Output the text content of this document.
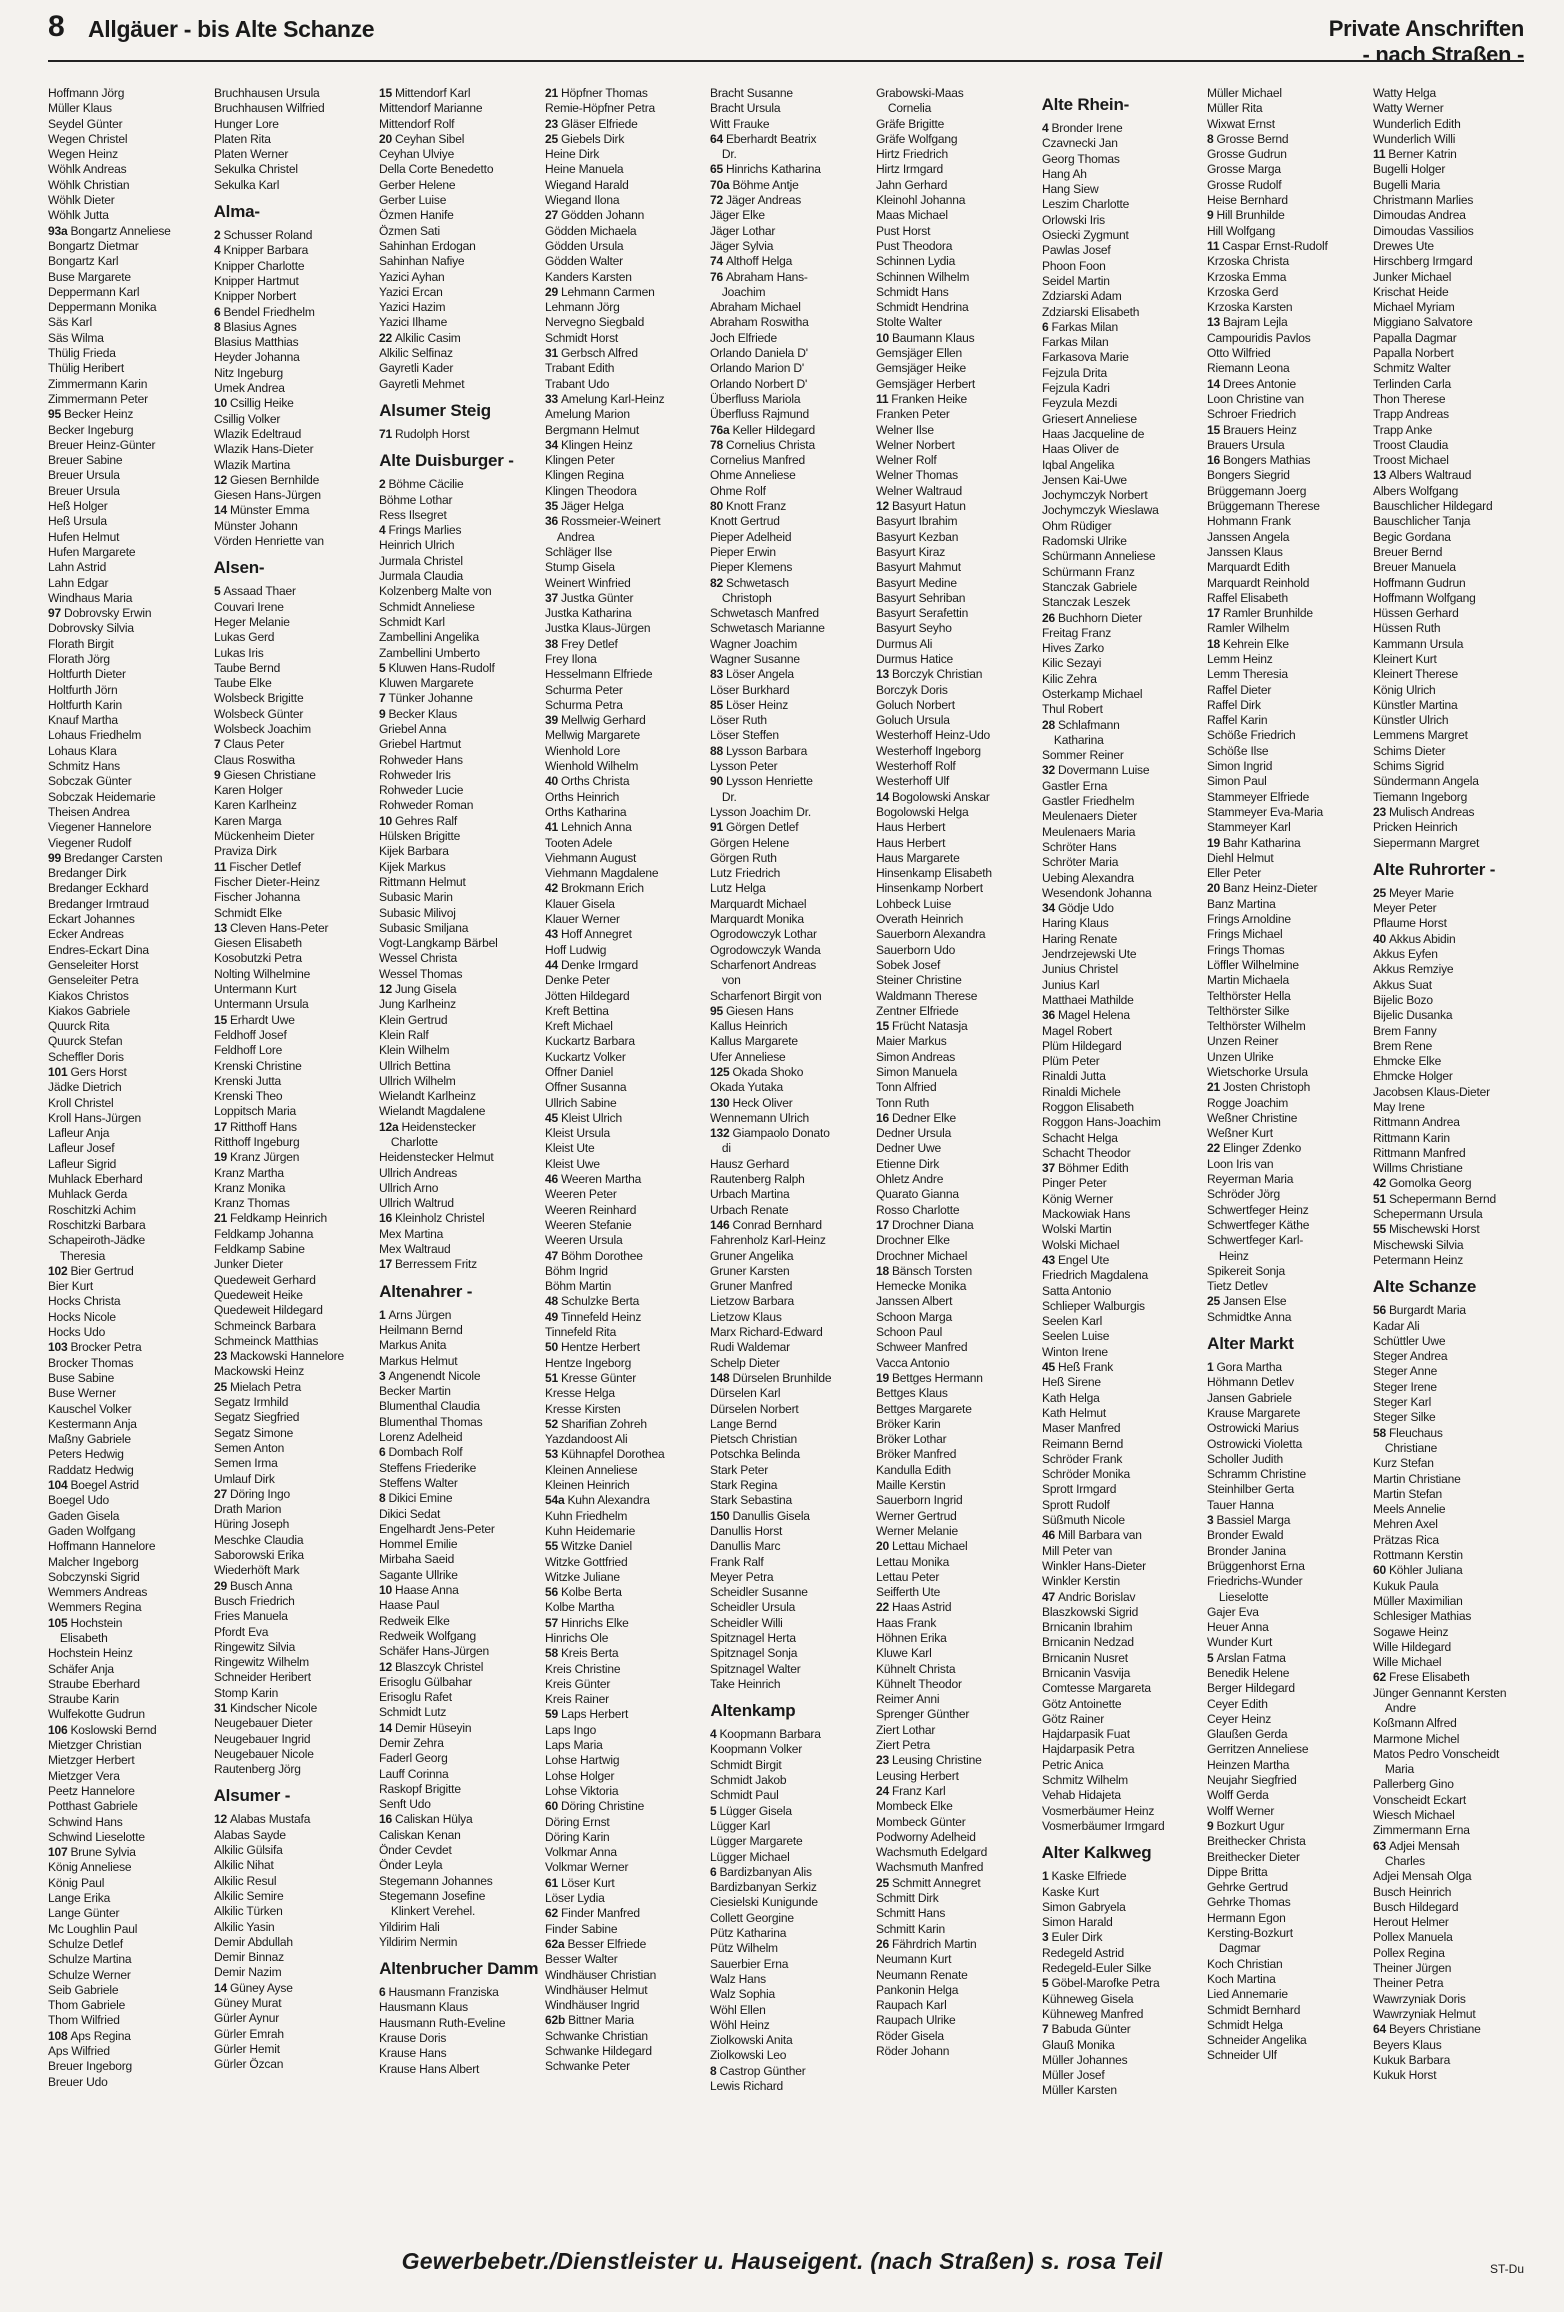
8 Allgäuer - bis Alte Schanze	Private Anschriften
- nach Straßen -
Hoffmann Jörg
Müller Klaus
Seydel Günter
Wegen Christel
Wegen Heinz
Wöhlk Andreas
Wöhlk Christian
Wöhlk Dieter
Wöhlk Jutta
93a Bongartz Anneliese
Bongartz Dietmar
Bongartz Karl
Buse Margarete
Deppermann Karl
Deppermann Monika
Säs Karl
Säs Wilma
Thülig Frieda
Thülig Heribert
Zimmermann Karin
Zimmermann Peter
95 Becker Heinz
Becker Ingeburg
Breuer Heinz-Günter
Breuer Sabine
Breuer Ursula
Breuer Ursula
Heß Holger
Heß Ursula
Hufen Helmut
Hufen Margarete
Lahn Astrid
Lahn Edgar
Windhaus Maria
97 Dobrovsky Erwin
Dobrovsky Silvia
Florath Birgit
Florath Jörg
Holtfurth Dieter
Holtfurth Jörn
Holtfurth Karin
Knauf Martha
Lohaus Friedhelm
Lohaus Klara
Schmitz Hans
Sobczak Günter
Sobczak Heidemarie
Theisen Andrea
Viegener Hannelore
Viegener Rudolf
99 Bredanger Carsten
Bredanger Dirk
Bredanger Eckhard
Bredanger Irmtraud
Eckart Johannes
Ecker Andreas
Endres-Eckart Dina
Genseleiter Horst
Genseleiter Petra
Kiakos Christos
Kiakos Gabriele
Quurck Rita
Quurck Stefan
Scheffler Doris
101 Gers Horst
Jädke Dietrich
Kroll Christel
Kroll Hans-Jürgen
Lafleur Anja
Lafleur Josef
Lafleur Sigrid
Muhlack Eberhard
Muhlack Gerda
Roschitzki Achim
Roschitzki Barbara
Schapeiroth-Jädke
Theresia
102 Bier Gertrud
Bier Kurt
Hocks Christa
Hocks Nicole
Hocks Udo
103 Brocker Petra
Brocker Thomas
Buse Sabine
Buse Werner
Kauschel Volker
Kestermann Anja
Maßny Gabriele
Peters Hedwig
Raddatz Hedwig
104 Boegel Astrid
Boegel Udo
Gaden Gisela
Gaden Wolfgang
Hoffmann Hannelore
Malcher Ingeborg
Sobczynski Sigrid
Wemmers Andreas
Wemmers Regina
105 Hochstein
Elisabeth
Hochstein Heinz
Schäfer Anja
Straube Eberhard
Straube Karin
Wulfekotte Gudrun
106 Koslowski Bernd
Mietzger Christian
Mietzger Herbert
Mietzger Vera
Peetz Hannelore
Potthast Gabriele
Schwind Hans
Schwind Lieselotte
107 Brune Sylvia
König Anneliese
König Paul
Lange Erika
Lange Günter
Mc Loughlin Paul
Schulze Detlef
Schulze Martina
Schulze Werner
Seib Gabriele
Thom Gabriele
Thom Wilfried
108 Aps Regina
Aps Wilfried
Breuer Ingeborg
Breuer Udo
Bruchhausen Ursula
Bruchhausen Wilfried
Hunger Lore
Platen Rita
Platen Werner
Sekulka Christel
Sekulka Karl
Alma-
2 Schusser Roland
4 Knipper Barbara
Knipper Charlotte
Knipper Hartmut
Knipper Norbert
6 Bendel Friedhelm
8 Blasius Agnes
Blasius Matthias
Heyder Johanna
Nitz Ingeburg
Umek Andrea
10 Csillig Heike
Csillig Volker
Wlazik Edeltraud
Wlazik Hans-Dieter
Wlazik Martina
12 Giesen Bernhilde
Giesen Hans-Jürgen
14 Münster Emma
Münster Johann
Vörden Henriette van
Alsen-
5 Assaad Thaer
Couvari Irene
Heger Melanie
Lukas Gerd
Lukas Iris
Taube Bernd
Taube Elke
Wolsbeck Brigitte
Wolsbeck Günter
Wolsbeck Joachim
7 Claus Peter
Claus Roswitha
9 Giesen Christiane
Karen Holger
Karen Karlheinz
Karen Marga
Mückenheim Dieter
Praviza Dirk
11 Fischer Detlef
Fischer Dieter-Heinz
Fischer Johanna
Schmidt Elke
13 Cleven Hans-Peter
Giesen Elisabeth
Kosobutzki Petra
Nolting Wilhelmine
Untermann Kurt
Untermann Ursula
15 Erhardt Uwe
Feldhoff Josef
Feldhoff Lore
Krenski Christine
Krenski Jutta
Krenski Theo
Loppitsch Maria
17 Ritthoff Hans
Ritthoff Ingeburg
19 Kranz Jürgen
Kranz Martha
Kranz Monika
Kranz Thomas
21 Feldkamp Heinrich
Feldkamp Johanna
Feldkamp Sabine
Junker Dieter
Quedeweit Gerhard
Quedeweit Heike
Quedeweit Hildegard
Schmeinck Barbara
Schmeinck Matthias
23 Mackowski Hannelore
Mackowski Heinz
25 Mielach Petra
Segatz Irmhild
Segatz Siegfried
Segatz Simone
Semen Anton
Semen Irma
Umlauf Dirk
27 Döring Ingo
Drath Marion
Hüring Joseph
Meschke Claudia
Saborowski Erika
Wiederhöft Mark
29 Busch Anna
Busch Friedrich
Fries Manuela
Pfordt Eva
Ringewitz Silvia
Ringewitz Wilhelm
Schneider Heribert
Stomp Karin
31 Kindscher Nicole
Neugebauer Dieter
Neugebauer Ingrid
Neugebauer Nicole
Rautenberg Jörg
Alsumer -
12 Alabas Mustafa
Alabas Sayde
Alkilic Gülsifa
Alkilic Nihat
Alkilic Resul
Alkilic Semire
Alkilic Türken
Alkilic Yasin
Demir Abdullah
Demir Binnaz
Demir Nazim
14 Güney Ayse
Güney Murat
Gürler Aynur
Gürler Emrah
Gürler Hemit
Gürler Özcan
15 Mittendorf Karl
Mittendorf Marianne
Mittendorf Rolf
20 Ceyhan Sibel
Ceyhan Ulviye
Della Corte Benedetto
Gerber Helene
Gerber Luise
Özmen Hanife
Özmen Sati
Sahinhan Erdogan
Sahinhan Nafiye
Yazici Ayhan
Yazici Ercan
Yazici Hazim
Yazici Ilhame
22 Alkilic Casim
Alkilic Selfinaz
Gayretli Kader
Gayretli Mehmet
Alsumer Steig
71 Rudolph Horst
Alte Duisburger -
2 Böhme Cäcilie
Böhme Lothar
Ress Ilsegret
4 Frings Marlies
Heinrich Ulrich
Jurmala Christel
Jurmala Claudia
Kolzenberg Malte von
Schmidt Anneliese
Schmidt Karl
Zambellini Angelika
Zambellini Umberto
5 Kluwen Hans-Rudolf
Kluwen Margarete
7 Tünker Johanne
9 Becker Klaus
Griebel Anna
Griebel Hartmut
Rohweder Hans
Rohweder Iris
Rohweder Lucie
Rohweder Roman
10 Gehres Ralf
Hülsken Brigitte
Kijek Barbara
Kijek Markus
Rittmann Helmut
Subasic Marin
Subasic Milivoj
Subasic Smiljana
Vogt-Langkamp Bärbel
Wessel Christa
Wessel Thomas
12 Jung Gisela
Jung Karlheinz
Klein Gertrud
Klein Ralf
Klein Wilhelm
Ullrich Bettina
Ullrich Wilhelm
Wielandt Karlheinz
Wielandt Magdalene
12a Heidenstecker
Charlotte
Heidenstecker Helmut
Ullrich Andreas
Ullrich Arno
Ullrich Waltrud
16 Kleinholz Christel
Mex Martina
Mex Waltraud
17 Berressem Fritz
Altenahrer -
1 Arns Jürgen
Heilmann Bernd
Markus Anita
Markus Helmut
3 Angenendt Nicole
Becker Martin
Blumenthal Claudia
Blumenthal Thomas
Lorenz Adelheid
6 Dombach Rolf
Steffens Friederike
Steffens Walter
8 Dikici Emine
Dikici Sedat
Engelhardt Jens-Peter
Hommel Emilie
Mirbaha Saeid
Sagante Ullrike
10 Haase Anna
Haase Paul
Redweik Elke
Redweik Wolfgang
Schäfer Hans-Jürgen
12 Blaszcyk Christel
Erisoglu Gülbahar
Erisoglu Rafet
Schmidt Lutz
14 Demir Hüseyin
Demir Zehra
Faderl Georg
Lauff Corinna
Raskopf Brigitte
Senft Udo
16 Caliskan Hülya
Caliskan Kenan
Önder Cevdet
Önder Leyla
Stegemann Johannes
Stegemann Josefine
Klinkert Verehel.
Yildirim Hali
Yildirim Nermin
Altenbrucher Damm
6 Hausmann Franziska
Hausmann Klaus
Hausmann Ruth-Eveline
Krause Doris
Krause Hans
Krause Hans Albert
21 Höpfner Thomas
Remie-Höpfner Petra
23 Gläser Elfriede
25 Giebels Dirk
Heine Dirk
Heine Manuela
Wiegand Harald
Wiegand Ilona
27 Gödden Johann
Gödden Michaela
Gödden Ursula
Gödden Walter
Kanders Karsten
29 Lehmann Carmen
Lehmann Jörg
Nervegno Siegbald
Schmidt Horst
31 Gerbsch Alfred
Trabant Edith
Trabant Udo
33 Amelung Karl-Heinz
Amelung Marion
Bergmann Helmut
34 Klingen Heinz
Klingen Peter
Klingen Regina
Klingen Theodora
35 Jäger Helga
36 Rossmeier-Weinert
Andrea
Schläger Ilse
Stump Gisela
Weinert Winfried
37 Justka Günter
Justka Katharina
Justka Klaus-Jürgen
38 Frey Detlef
Frey Ilona
Hesselmann Elfriede
Schurma Peter
Schurma Petra
39 Mellwig Gerhard
Mellwig Margarete
Wienhold Lore
Wienhold Wilhelm
40 Orths Christa
Orths Heinrich
Orths Katharina
41 Lehnich Anna
Tooten Adele
Viehmann August
Viehmann Magdalene
42 Brokmann Erich
Klauer Gisela
Klauer Werner
43 Hoff Annegret
Hoff Ludwig
44 Denke Irmgard
Denke Peter
Jötten Hildegard
Kreft Bettina
Kreft Michael
Kuckartz Barbara
Kuckartz Volker
Offner Daniel
Offner Susanna
Ullrich Sabine
45 Kleist Ulrich
Kleist Ursula
Kleist Ute
Kleist Uwe
46 Weeren Martha
Weeren Peter
Weeren Reinhard
Weeren Stefanie
Weeren Ursula
47 Böhm Dorothee
Böhm Ingrid
Böhm Martin
48 Schulzke Berta
49 Tinnefeld Heinz
Tinnefeld Rita
50 Hentze Herbert
Hentze Ingeborg
51 Kresse Günter
Kresse Helga
Kresse Kirsten
52 Sharifian Zohreh
Yazdandoost Ali
53 Kühnapfel Dorothea
Kleinen Anneliese
Kleinen Heinrich
54a Kuhn Alexandra
Kuhn Friedhelm
Kuhn Heidemarie
55 Witzke Daniel
Witzke Gottfried
Witzke Juliane
56 Kolbe Berta
Kolbe Martha
57 Hinrichs Elke
Hinrichs Ole
58 Kreis Berta
Kreis Christine
Kreis Günter
Kreis Rainer
59 Laps Herbert
Laps Ingo
Laps Maria
Lohse Hartwig
Lohse Holger
Lohse Viktoria
60 Döring Christine
Döring Ernst
Döring Karin
Volkmar Anna
Volkmar Werner
61 Löser Kurt
Löser Lydia
62 Finder Manfred
Finder Sabine
62a Besser Elfriede
Besser Walter
Windhäuser Christian
Windhäuser Helmut
Windhäuser Ingrid
62b Bittner Maria
Schwanke Christian
Schwanke Hildegard
Schwanke Peter
Bracht Susanne
Bracht Ursula
Witt Frauke
64 Eberhardt Beatrix
Dr.
65 Hinrichs Katharina
70a Böhme Antje
72 Jäger Andreas
Jäger Elke
Jäger Lothar
Jäger Sylvia
74 Althoff Helga
76 Abraham Hans-
Joachim
Abraham Michael
Abraham Roswitha
Joch Elfriede
Orlando Daniela D'
Orlando Marion D'
Orlando Norbert D'
Überfluss Mariola
Überfluss Rajmund
76a Keller Hildegard
78 Cornelius Christa
Cornelius Manfred
Ohme Anneliese
Ohme Rolf
80 Knott Franz
Knott Gertrud
Pieper Adelheid
Pieper Erwin
Pieper Klemens
82 Schwetasch
Christoph
Schwetasch Manfred
Schwetasch Marianne
Wagner Joachim
Wagner Susanne
83 Löser Angela
Löser Burkhard
85 Löser Heinz
Löser Ruth
Löser Steffen
88 Lysson Barbara
Lysson Peter
90 Lysson Henriette
Dr.
Lysson Joachim Dr.
91 Görgen Detlef
Görgen Helene
Görgen Ruth
Lutz Friedrich
Lutz Helga
Marquardt Michael
Marquardt Monika
Ogrodowczyk Lothar
Ogrodowczyk Wanda
Scharfenort Andreas
von
Scharfenort Birgit von
95 Giesen Hans
Kallus Heinrich
Kallus Margarete
Ufer Anneliese
125 Okada Shoko
Okada Yutaka
130 Heck Oliver
Wennemann Ulrich
132 Giampaolo Donato
di
Hausz Gerhard
Rautenberg Ralph
Urbach Martina
Urbach Renate
146 Conrad Bernhard
Fahrenholz Karl-Heinz
Gruner Angelika
Gruner Karsten
Gruner Manfred
Lietzow Barbara
Lietzow Klaus
Marx Richard-Edward
Rudi Waldemar
Schelp Dieter
148 Dürselen Brunhilde
Dürselen Karl
Dürselen Norbert
Lange Bernd
Pietsch Christian
Potschka Belinda
Stark Peter
Stark Regina
Stark Sebastina
150 Danullis Gisela
Danullis Horst
Danullis Marc
Frank Ralf
Meyer Petra
Scheidler Susanne
Scheidler Ursula
Scheidler Willi
Spitznagel Herta
Spitznagel Sonja
Spitznagel Walter
Take Heinrich
Altenkamp
4 Koopmann Barbara
Koopmann Volker
Schmidt Birgit
Schmidt Jakob
Schmidt Paul
5 Lügger Gisela
Lügger Karl
Lügger Margarete
Lügger Michael
6 Bardizbanyan Alis
Bardizbanyan Serkiz
Ciesielski Kunigunde
Collett Georgine
Pütz Katharina
Pütz Wilhelm
Sauerbier Erna
Walz Hans
Walz Sophia
Wöhl Ellen
Wöhl Heinz
Ziolkowski Anita
Ziolkowski Leo
8 Castrop Günther
Lewis Richard
Grabowski-Maas
Cornelia
Gräfe Brigitte
Gräfe Wolfgang
Hirtz Friedrich
Hirtz Irmgard
Jahn Gerhard
Kleinohl Johanna
Maas Michael
Pust Horst
Pust Theodora
Schinnen Lydia
Schinnen Wilhelm
Schmidt Hans
Schmidt Hendrina
Stolte Walter
10 Baumann Klaus
Gemsjäger Ellen
Gemsjäger Heike
Gemsjäger Herbert
11 Franken Heike
Franken Peter
Welner Ilse
Welner Norbert
Welner Rolf
Welner Thomas
Welner Waltraud
12 Basyurt Hatun
Basyurt Ibrahim
Basyurt Kezban
Basyurt Kiraz
Basyurt Mahmut
Basyurt Medine
Basyurt Sehriban
Basyurt Serafettin
Basyurt Seyho
Durmus Ali
Durmus Hatice
13 Borczyk Christian
Borczyk Doris
Goluch Norbert
Goluch Ursula
Westerhoff Heinz-Udo
Westerhoff Ingeborg
Westerhoff Rolf
Westerhoff Ulf
14 Bogolowski Anskar
Bogolowski Helga
Haus Herbert
Haus Herbert
Haus Margarete
Hinsenkamp Elisabeth
Hinsenkamp Norbert
Lohbeck Luise
Overath Heinrich
Sauerborn Alexandra
Sauerborn Udo
Sobek Josef
Steiner Christine
Waldmann Therese
Zentner Elfriede
15 Frücht Natasja
Maier Markus
Simon Andreas
Simon Manuela
Tonn Alfried
Tonn Ruth
16 Dedner Elke
Dedner Ursula
Dedner Uwe
Etienne Dirk
Ohletz Andre
Quarato Gianna
Rosso Charlotte
17 Drochner Diana
Drochner Elke
Drochner Michael
18 Bänsch Torsten
Hemecke Monika
Janssen Albert
Schoon Marga
Schoon Paul
Schweer Manfred
Vacca Antonio
19 Bettges Hermann
Bettges Klaus
Bettges Margarete
Bröker Karin
Bröker Lothar
Bröker Manfred
Kandulla Edith
Maille Kerstin
Sauerborn Ingrid
Werner Gertrud
Werner Melanie
20 Lettau Michael
Lettau Monika
Lettau Peter
Seifferth Ute
22 Haas Astrid
Haas Frank
Höhnen Erika
Kluwe Karl
Kühnelt Christa
Kühnelt Theodor
Reimer Anni
Sprenger Günther
Ziert Lothar
Ziert Petra
23 Leusing Christine
Leusing Herbert
24 Franz Karl
Mombeck Elke
Mombeck Günter
Podworny Adelheid
Wachsmuth Edelgard
Wachsmuth Manfred
25 Schmitt Annegret
Schmitt Dirk
Schmitt Hans
Schmitt Karin
26 Fährdrich Martin
Neumann Kurt
Neumann Renate
Pankonin Helga
Raupach Karl
Raupach Ulrike
Röder Gisela
Röder Johann
Alte Rhein-
4 Bronder Irene
Czavnecki Jan
Georg Thomas
Hang Ah
Hang Siew
Leszim Charlotte
Orlowski Iris
Osiecki Zygmunt
Pawlas Josef
Phoon Foon
Seidel Martin
Zdziarski Adam
Zdziarski Elisabeth
6 Farkas Milan
Farkas Milan
Farkasova Marie
Fejzula Drita
Fejzula Kadri
Feyzula Mezdi
Griesert Anneliese
Haas Jacqueline de
Haas Oliver de
Iqbal Angelika
Jensen Kai-Uwe
Jochymczyk Norbert
Jochymczyk Wieslawa
Ohm Rüdiger
Radomski Ulrike
Schürmann Anneliese
Schürmann Franz
Stanczak Gabriele
Stanczak Leszek
26 Buchhorn Dieter
Freitag Franz
Hives Zarko
Kilic Sezayi
Kilic Zehra
Osterkamp Michael
Thul Robert
28 Schlafmann
Katharina
Sommer Reiner
32 Dovermann Luise
Gastler Erna
Gastler Friedhelm
Meulenaers Dieter
Meulenaers Maria
Schröter Hans
Schröter Maria
Uebing Alexandra
Wesendonk Johanna
34 Gödje Udo
Haring Klaus
Haring Renate
Jendrzejewski Ute
Junius Christel
Junius Karl
Matthaei Mathilde
36 Magel Helena
Magel Robert
Plüm Hildegard
Plüm Peter
Rinaldi Jutta
Rinaldi Michele
Roggon Elisabeth
Roggon Hans-Joachim
Schacht Helga
Schacht Theodor
37 Böhmer Edith
Pinger Peter
König Werner
Mackowiak Hans
Wolski Martin
Wolski Michael
43 Engel Ute
Friedrich Magdalena
Satta Antonio
Schlieper Walburgis
Seelen Karl
Seelen Luise
Winton Irene
45 Heß Frank
Heß Sirene
Kath Helga
Kath Helmut
Maser Manfred
Reimann Bernd
Schröder Frank
Schröder Monika
Sprott Irmgard
Sprott Rudolf
Süßmuth Nicole
46 Mill Barbara van
Mill Peter van
Winkler Hans-Dieter
Winkler Kerstin
47 Andric Borislav
Blaszkowski Sigrid
Brnicanin Ibrahim
Brnicanin Nedzad
Brnicanin Nusret
Brnicanin Vasvija
Comtesse Margareta
Götz Antoinette
Götz Rainer
Hajdarpasik Fuat
Hajdarpasik Petra
Petric Anica
Schmitz Wilhelm
Vehab Hidajeta
Vosmerbäumer Heinz
Vosmerbäumer Irmgard
Alter Kalkweg
1 Kaske Elfriede
Kaske Kurt
Simon Gabryela
Simon Harald
3 Euler Dirk
Redegeld Astrid
Redegeld-Euler Silke
5 Göbel-Marofke Petra
Kühneweg Gisela
Kühneweg Manfred
7 Babuda Günter
Glauß Monika
Müller Johannes
Müller Josef
Müller Karsten
Müller Michael
Müller Rita
Wixwat Ernst
8 Grosse Bernd
Grosse Gudrun
Grosse Marga
Grosse Rudolf
Heise Bernhard
9 Hill Brunhilde
Hill Wolfgang
11 Caspar Ernst-Rudolf
Krzoska Christa
Krzoska Emma
Krzoska Gerd
Krzoska Karsten
13 Bajram Lejla
Campouridis Pavlos
Otto Wilfried
Riemann Leona
14 Drees Antonie
Loon Christine van
Schroer Friedrich
15 Brauers Heinz
Brauers Ursula
16 Bongers Mathias
Bongers Siegrid
Brüggemann Joerg
Brüggemann Therese
Hohmann Frank
Janssen Angela
Janssen Klaus
Marquardt Edith
Marquardt Reinhold
Raffel Elisabeth
17 Ramler Brunhilde
Ramler Wilhelm
18 Kehrein Elke
Lemm Heinz
Lemm Theresia
Raffel Dieter
Raffel Dirk
Raffel Karin
Schöße Friedrich
Schöße Ilse
Simon Ingrid
Simon Paul
Stammeyer Elfriede
Stammeyer Eva-Maria
Stammeyer Karl
19 Bahr Katharina
Diehl Helmut
Eller Peter
20 Banz Heinz-Dieter
Banz Martina
Frings Arnoldine
Frings Michael
Frings Thomas
Löffler Wilhelmine
Martin Michaela
Telthörster Hella
Telthörster Silke
Telthörster Wilhelm
Unzen Reiner
Unzen Ulrike
Wietschorke Ursula
21 Josten Christoph
Rogge Joachim
Weßner Christine
Weßner Kurt
22 Elinger Zdenko
Loon Iris van
Reyerman Maria
Schröder Jörg
Schwertfeger Heinz
Schwertfeger Käthe
Schwertfeger Karl-
Heinz
Spikereit Sonja
Tietz Detlev
25 Jansen Else
Schmidtke Anna
Alter Markt
1 Gora Martha
Höhmann Detlev
Jansen Gabriele
Krause Margarete
Ostrowicki Marius
Ostrowicki Violetta
Scholler Judith
Schramm Christine
Steinhilber Gerta
Tauer Hanna
3 Bassiel Marga
Bronder Ewald
Bronder Janina
Brüggenhorst Erna
Friedrichs-Wunder
Lieselotte
Gajer Eva
Heuer Anna
Wunder Kurt
5 Arslan Fatma
Benedik Helene
Berger Hildegard
Ceyer Edith
Ceyer Heinz
Glaußen Gerda
Gerritzen Anneliese
Heinzen Martha
Neujahr Siegfried
Wolff Gerda
Wolff Werner
9 Bozkurt Ugur
Breithecker Christa
Breithecker Dieter
Dippe Britta
Gehrke Gertrud
Gehrke Thomas
Hermann Egon
Kersting-Bozkurt
Dagmar
Koch Christian
Koch Martina
Lied Annemarie
Schmidt Bernhard
Schmidt Helga
Schneider Angelika
Schneider Ulf
Watty Helga
Watty Werner
Wunderlich Edith
Wunderlich Willi
11 Berner Katrin
Bugelli Holger
Bugelli Maria
Christmann Marlies
Dimoudas Andrea
Dimoudas Vassilios
Drewes Ute
Hirschberg Irmgard
Junker Michael
Krischat Heide
Michael Myriam
Miggiano Salvatore
Papalla Dagmar
Papalla Norbert
Schmitz Walter
Terlinden Carla
Thon Therese
Trapp Andreas
Trapp Anke
Troost Claudia
Troost Michael
13 Albers Waltraud
Albers Wolfgang
Bauschlicher Hildegard
Bauschlicher Tanja
Begic Gordana
Breuer Bernd
Breuer Manuela
Hoffmann Gudrun
Hoffmann Wolfgang
Hüssen Gerhard
Hüssen Ruth
Kammann Ursula
Kleinert Kurt
Kleinert Therese
König Ulrich
Künstler Martina
Künstler Ulrich
Lemmens Margret
Schims Dieter
Schims Sigrid
Sündermann Angela
Tiemann Ingeborg
23 Mulisch Andreas
Pricken Heinrich
Siepermann Margret
Alte Ruhrorter -
25 Meyer Marie
Meyer Peter
Pflaume Horst
40 Akkus Abidin
Akkus Eyfen
Akkus Remziye
Akkus Suat
Bijelic Bozo
Bijelic Dusanka
Brem Fanny
Brem Rene
Ehmcke Elke
Ehmcke Holger
Jacobsen Klaus-Dieter
May Irene
Rittmann Andrea
Rittmann Karin
Rittmann Manfred
Willms Christiane
42 Gomolka Georg
51 Schepermann Bernd
Schepermann Ursula
55 Mischewski Horst
Mischewski Silvia
Petermann Heinz
Alte Schanze
56 Burgardt Maria
Kadar Ali
Schüttler Uwe
Steger Andrea
Steger Anne
Steger Irene
Steger Karl
Steger Silke
58 Fleuchaus
Christiane
Kurz Stefan
Martin Christiane
Martin Stefan
Meels Annelie
Mehren Axel
Prätzas Rica
Rottmann Kerstin
60 Köhler Juliana
Kukuk Paula
Müller Maximilian
Schlesiger Mathias
Sogawe Heinz
Wille Hildegard
Wille Michael
62 Frese Elisabeth
Jünger Gennannt Kersten
Andre
Koßmann Alfred
Marmone Michel
Matos Pedro Vonscheidt
Maria
Pallerberg Gino
Vonscheidt Eckart
Wiesch Michael
Zimmermann Erna
63 Adjei Mensah
Charles
Adjei Mensah Olga
Busch Heinrich
Busch Hildegard
Herout Helmer
Pollex Manuela
Pollex Regina
Theiner Jürgen
Theiner Petra
Wawrzyniak Doris
Wawrzyniak Helmut
64 Beyers Christiane
Beyers Klaus
Kukuk Barbara
Kukuk Horst
Gewerbebetr./Dienstleister u. Hauseigent. (nach Straßen) s. rosa Teil	ST-Du
